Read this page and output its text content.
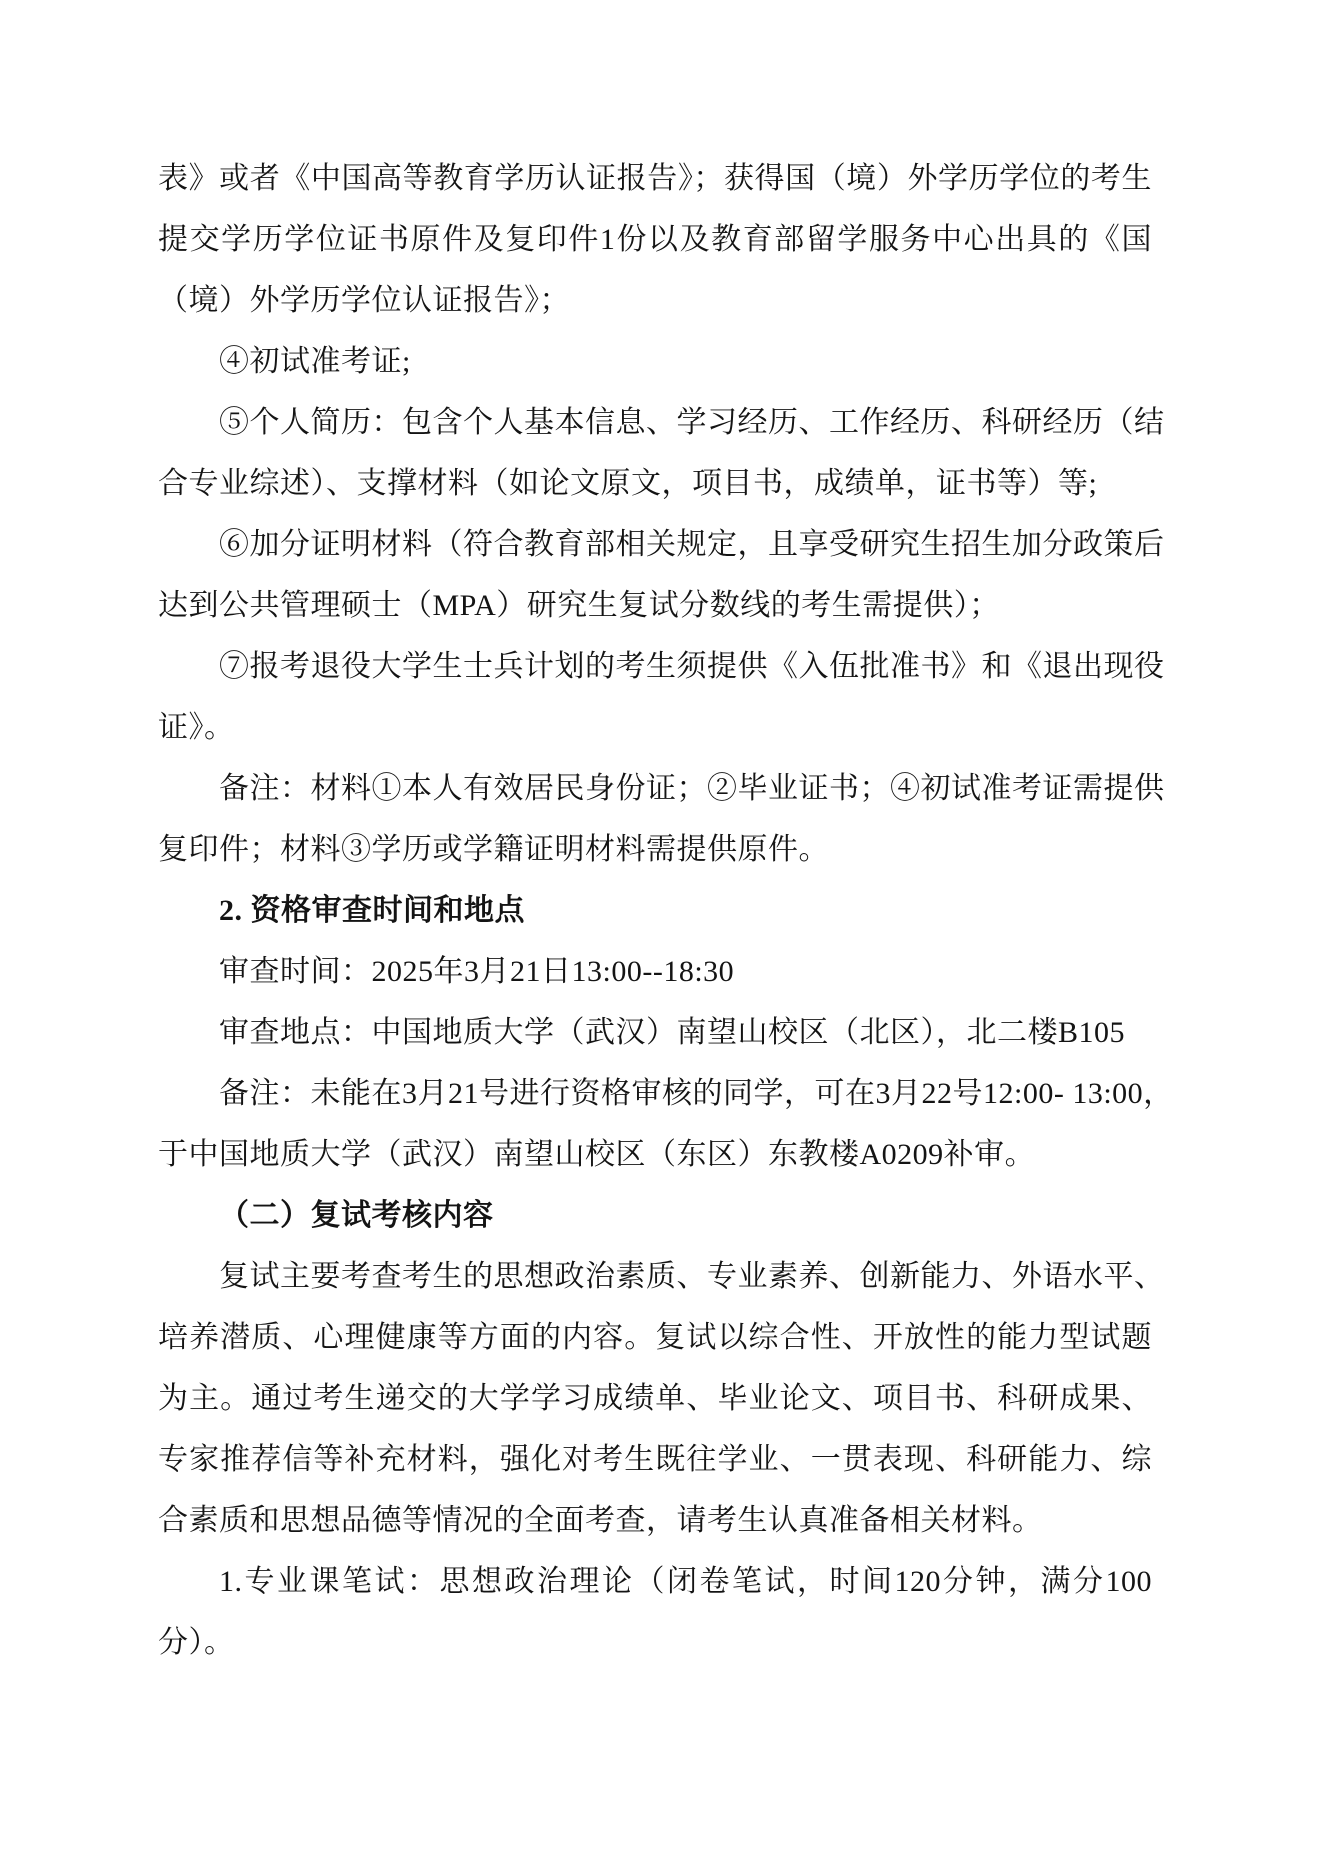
表》或者《中国高等教育学历认证报告》；获得国（境）外学历学位的考生
提交学历学位证书原件及复印件1份以及教育部留学服务中心出具的《国
（境）外学历学位认证报告》；
④初试准考证;
⑤个人简历：包含个人基本信息、学习经历、工作经历、科研经历（结
合专业综述）、支撑材料（如论文原文，项目书，成绩单，证书等）等;
⑥加分证明材料（符合教育部相关规定，且享受研究生招生加分政策后
达到公共管理硕士（MPA）研究生复试分数线的考生需提供）；
⑦报考退役大学生士兵计划的考生须提供《入伍批准书》和《退出现役
证》。
备注：材料①本人有效居民身份证；②毕业证书；④初试准考证需提供
复印件；材料③学历或学籍证明材料需提供原件。
2. 资格审查时间和地点
审查时间：2025年3月21日13:00--18:30
审查地点：中国地质大学（武汉）南望山校区（北区），北二楼B105
备注：未能在3月21号进行资格审核的同学，可在3月22号12:00- 13:00，
于中国地质大学（武汉）南望山校区（东区）东教楼A0209补审。
（二）复试考核内容
复试主要考查考生的思想政治素质、专业素养、创新能力、外语水平、
培养潜质、心理健康等方面的内容。复试以综合性、开放性的能力型试题
为主。通过考生递交的大学学习成绩单、毕业论文、项目书、科研成果、
专家推荐信等补充材料，强化对考生既往学业、一贯表现、科研能力、综
合素质和思想品德等情况的全面考查，请考生认真准备相关材料。
1.专业课笔试：思想政治理论（闭卷笔试，时间120分钟，满分100
分）。
